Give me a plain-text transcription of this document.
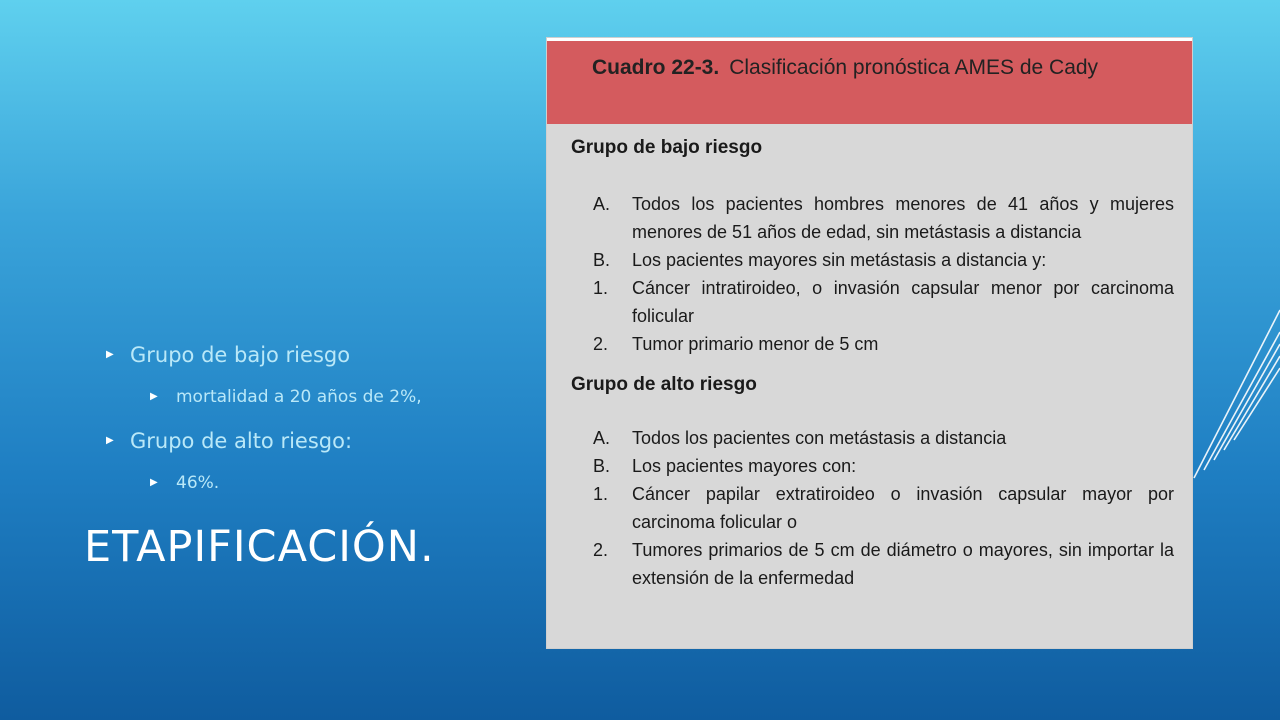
▶ Grupo de bajo riesgo
▶ mortalidad a 20 años de 2%,
▶ Grupo de alto riesgo:
▶ 46%.
ETAPIFICACIÓN.
Cuadro 22-3. Clasificación pronóstica AMES de Cady
Grupo de bajo riesgo
A. Todos los pacientes hombres menores de 41 años y mujeres menores de 51 años de edad, sin metástasis a distancia
B. Los pacientes mayores sin metástasis a distancia y:
1. Cáncer intratiroideo, o invasión capsular menor por carcinoma folicular
2. Tumor primario menor de 5 cm
Grupo de alto riesgo
A. Todos los pacientes con metástasis a distancia
B. Los pacientes mayores con:
1. Cáncer papilar extratiroideo o invasión capsular mayor por carcinoma folicular o
2. Tumores primarios de 5 cm de diámetro o mayores, sin importar la extensión de la enfermedad
